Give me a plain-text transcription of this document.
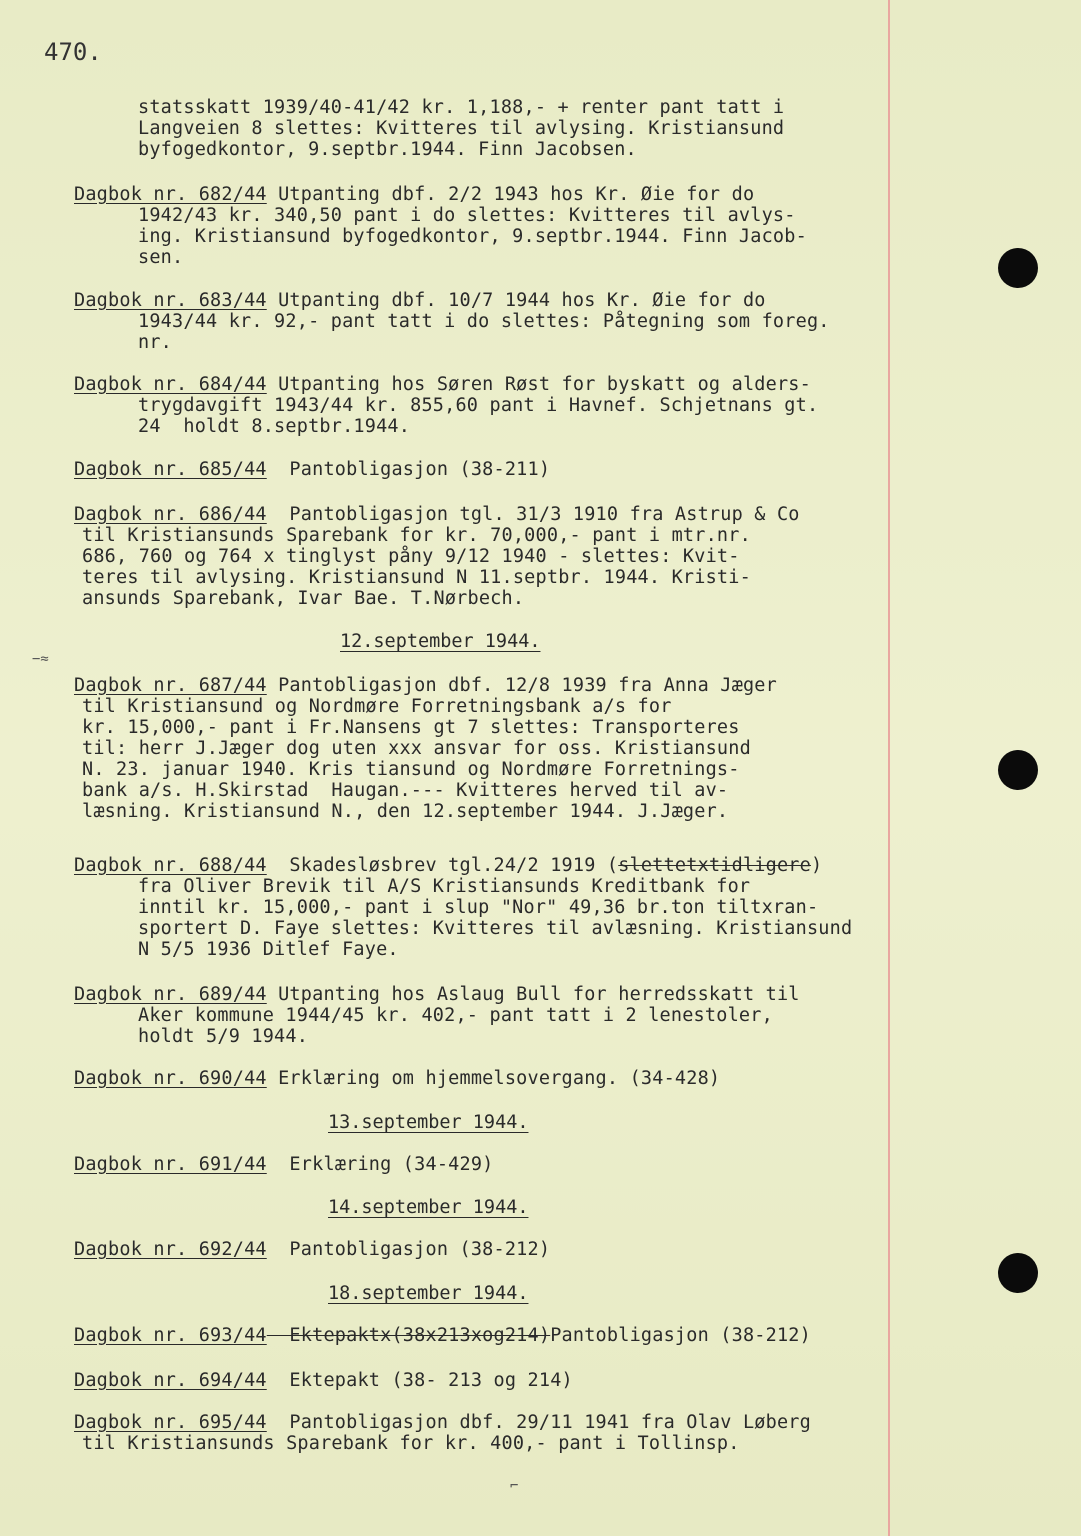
470.
statsskatt 1939/40-41/42 kr. 1,188,- + renter pant tatt i
Langveien 8 slettes: Kvitteres til avlysing. Kristiansund
byfogedkontor, 9.septbr.1944. Finn Jacobsen.
Dagbok nr. 682/44 Utpanting dbf. 2/2 1943 hos Kr. Øie for do
1942/43 kr. 340,50 pant i do slettes: Kvitteres til avlys-
ing. Kristiansund byfogedkontor, 9.septbr.1944. Finn Jacob-
sen.
Dagbok nr. 683/44 Utpanting dbf. 10/7 1944 hos Kr. Øie for do
1943/44 kr. 92,- pant tatt i do slettes: Påtegning som foreg.
nr.
Dagbok nr. 684/44 Utpanting hos Søren Røst for byskatt og alders-
trygdavgift 1943/44 kr. 855,60 pant i Havnef. Schjetnans gt.
24  holdt 8.septbr.1944.
Dagbok nr. 685/44  Pantobligasjon (38-211)
Dagbok nr. 686/44  Pantobligasjon tgl. 31/3 1910 fra Astrup & Co
til Kristiansunds Sparebank for kr. 70,000,- pant i mtr.nr.
686, 760 og 764 x tinglyst påny 9/12 1940 - slettes: Kvit-
teres til avlysing. Kristiansund N 11.septbr. 1944. Kristi-
ansunds Sparebank, Ivar Bae. T.Nørbech.
12.september 1944.
−≈
Dagbok nr. 687/44 Pantobligasjon dbf. 12/8 1939 fra Anna Jæger
til Kristiansund og Nordmøre Forretningsbank a/s for
kr. 15,000,- pant i Fr.Nansens gt 7 slettes: Transporteres
til: herr J.Jæger dog uten xxx ansvar for oss. Kristiansund
N. 23. januar 1940. Kris tiansund og Nordmøre Forretnings-
bank a/s. H.Skirstad  Haugan.--- Kvitteres herved til av-
læsning. Kristiansund N., den 12.september 1944. J.Jæger.
Dagbok nr. 688/44  Skadesløsbrev tgl.24/2 1919 (slettetxtidligere)
fra Oliver Brevik til A/S Kristiansunds Kreditbank for
inntil kr. 15,000,- pant i slup "Nor" 49,36 br.ton tiltxran-
sportert D. Faye slettes: Kvitteres til avlæsning. Kristiansund
N 5/5 1936 Ditlef Faye.
Dagbok nr. 689/44 Utpanting hos Aslaug Bull for herredsskatt til
Aker kommune 1944/45 kr. 402,- pant tatt i 2 lenestoler,
holdt 5/9 1944.
Dagbok nr. 690/44 Erklæring om hjemmelsovergang. (34-428)
13.september 1944.
Dagbok nr. 691/44  Erklæring (34-429)
14.september 1944.
Dagbok nr. 692/44  Pantobligasjon (38-212)
18.september 1944.
Dagbok nr. 693/44  Ektepaktx(38x213xog214)Pantobligasjon (38-212)
Dagbok nr. 694/44  Ektepakt (38- 213 og 214)
Dagbok nr. 695/44  Pantobligasjon dbf. 29/11 1941 fra Olav Løberg
til Kristiansunds Sparebank for kr. 400,- pant i Tollinsp.
⌐
